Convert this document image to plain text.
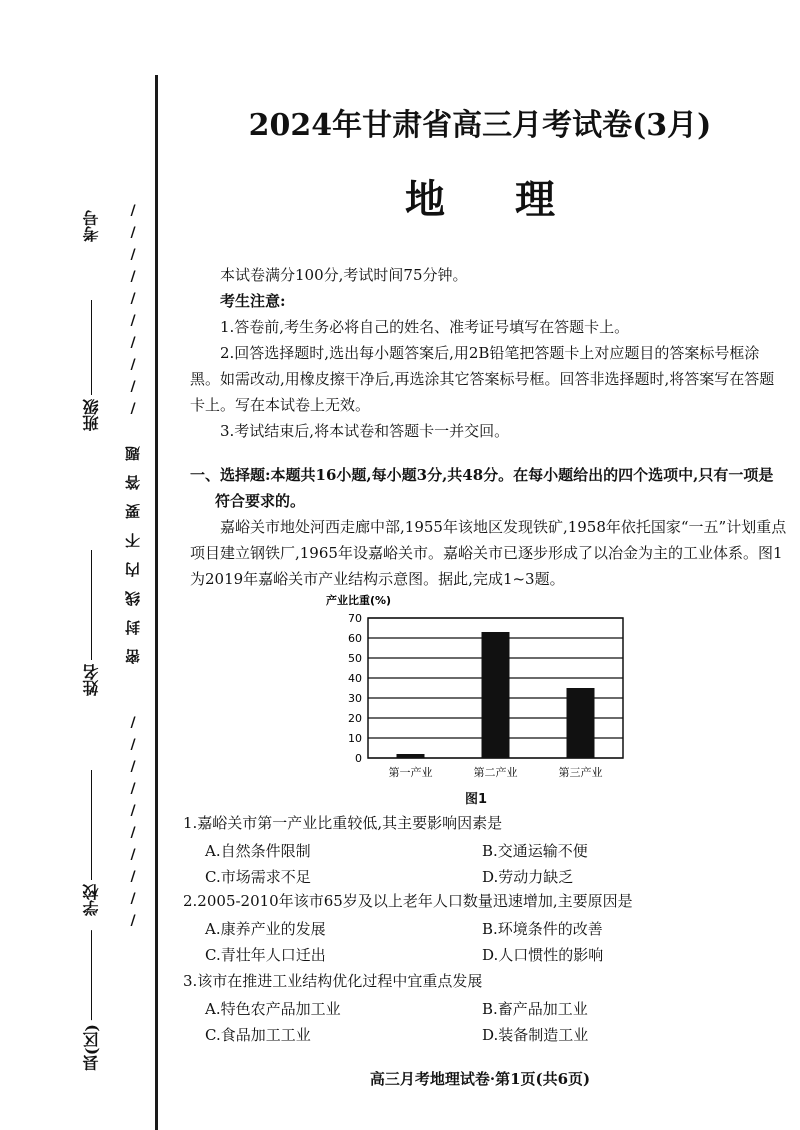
县(区)
学校
姓名
班级
考号	/
/
/
/
/
/
/
/
/
/
密封线内不要答题
/
/
/
/
/
/
/
/
/
/
2024年甘肃省高三月考试卷(3月)
地理
本试卷满分100分,考试时间75分钟。
考生注意:
1.答卷前,考生务必将自己的姓名、准考证号填写在答题卡上。
2.回答选择题时,选出每小题答案后,用2B铅笔把答题卡上对应题目的答案标号框涂
黑。如需改动,用橡皮擦干净后,再选涂其它答案标号框。回答非选择题时,将答案写在答题
卡上。写在本试卷上无效。
3.考试结束后,将本试卷和答题卡一并交回。
一、选择题:本题共16小题,每小题3分,共48分。在每小题给出的四个选项中,只有一项是
符合要求的。
嘉峪关市地处河西走廊中部,1955年该地区发现铁矿,1958年依托国家“一五”计划重点
项目建立钢铁厂,1965年设嘉峪关市。嘉峪关市已逐步形成了以冶金为主的工业体系。图1
为2019年嘉峪关市产业结构示意图。据此,完成1~3题。
0
10
20
30
40
50
60
70
第一产业	第二产业	第三产业
产业比重(%)
图1
1.嘉峪关市第一产业比重较低,其主要影响因素是
A.自然条件限制	B.交通运输不便
C.市场需求不足	D.劳动力缺乏
2.2005-2010年该市65岁及以上老年人口数量迅速增加,主要原因是
A.康养产业的发展	B.环境条件的改善
C.青壮年人口迁出	D.人口惯性的影响
3.该市在推进工业结构优化过程中宜重点发展
A.特色农产品加工业	B.畜产品加工业
C.食品加工工业	D.装备制造工业
高三月考地理试卷·第1页(共6页)
